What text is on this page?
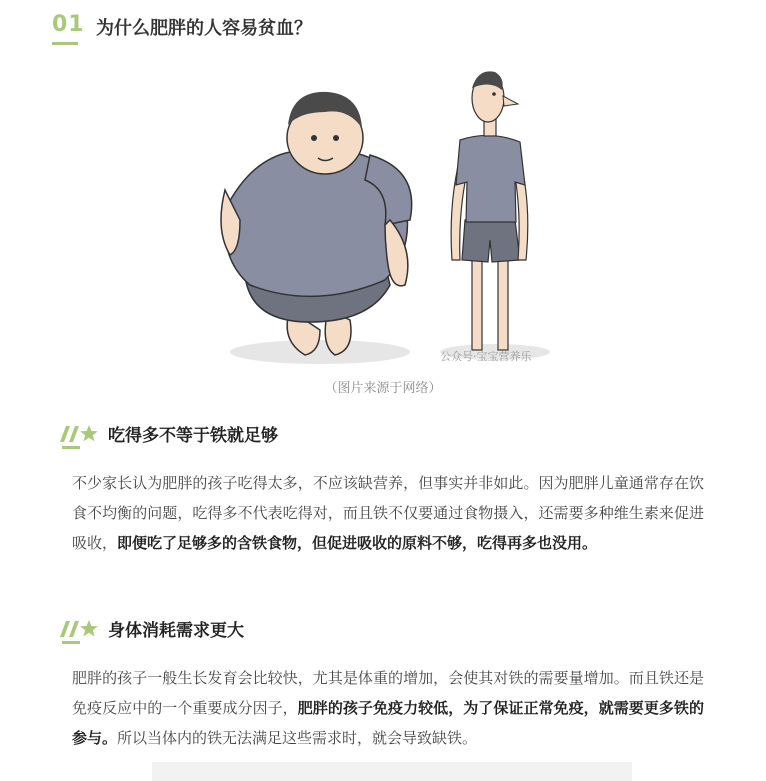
01 为什么肥胖的人容易贫血？
公众号·宝宝营养乐
（图片来源于网络）
吃得多不等于铁就足够
不少家长认为肥胖的孩子吃得太多，不应该缺营养，但事实并非如此。因为肥胖儿童通常存在饮食不均衡的问题，吃得多不代表吃得对，而且铁不仅要通过食物摄入，还需要多种维生素来促进吸收，即便吃了足够多的含铁食物，但促进吸收的原料不够，吃得再多也没用。
身体消耗需求更大
肥胖的孩子一般生长发育会比较快，尤其是体重的增加，会使其对铁的需要量增加。而且铁还是免疫反应中的一个重要成分因子，肥胖的孩子免疫力较低，为了保证正常免疫，就需要更多铁的参与。所以当体内的铁无法满足这些需求时，就会导致缺铁。
